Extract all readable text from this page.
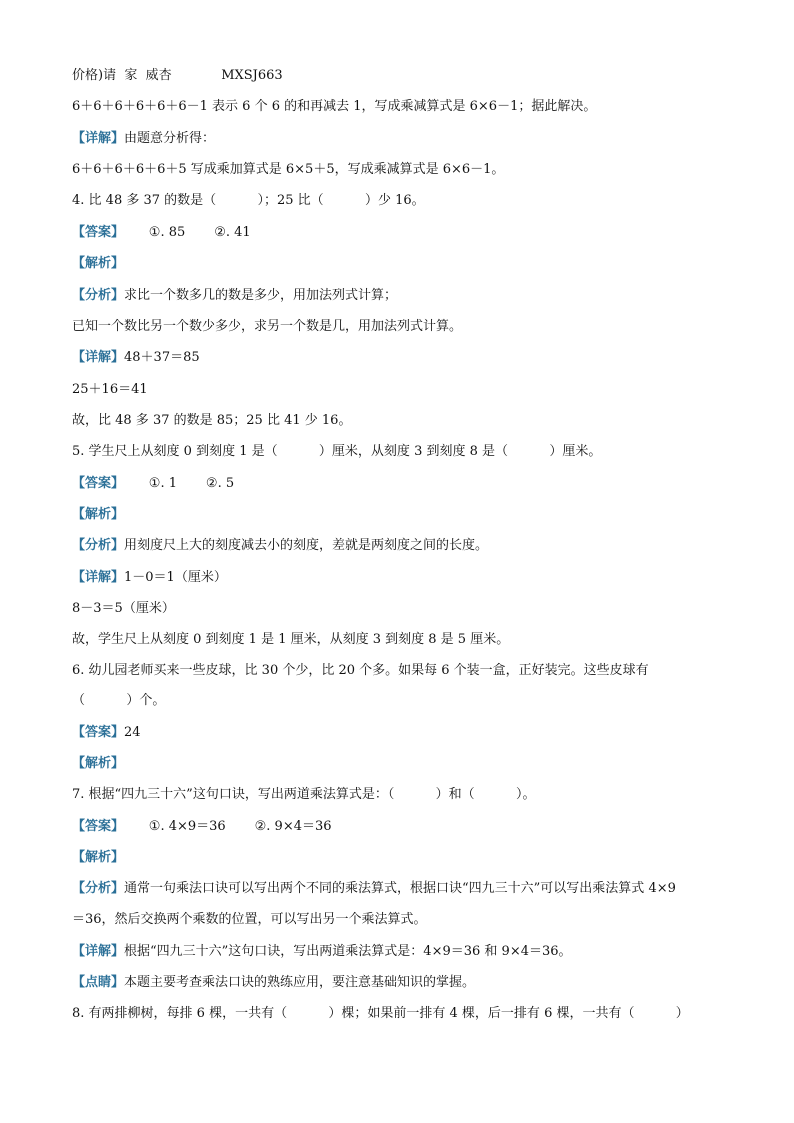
价格)请  家  威杏            MXSJ663
6＋6＋6＋6＋6＋6－1 表示 6 个 6 的和再减去 1，写成乘减算式是 6×6－1；据此解决。
【详解】由题意分析得：
6＋6＋6＋6＋6＋5 写成乘加算式是 6×5＋5，写成乘减算式是 6×6－1。
4. 比 48 多 37 的数是（          ）；25 比（          ）少 16。
【答案】      ①. 85       ②. 41
【解析】
【分析】求比一个数多几的数是多少，用加法列式计算；
已知一个数比另一个数少多少，求另一个数是几，用加法列式计算。
【详解】48＋37＝85
25＋16＝41
故，比 48 多 37 的数是 85；25 比 41 少 16。
5. 学生尺上从刻度 0 到刻度 1 是（          ）厘米，从刻度 3 到刻度 8 是（          ）厘米。
【答案】      ①. 1       ②. 5
【解析】
【分析】用刻度尺上大的刻度减去小的刻度，差就是两刻度之间的长度。
【详解】1－0＝1（厘米）
8－3＝5（厘米）
故，学生尺上从刻度 0 到刻度 1 是 1 厘米，从刻度 3 到刻度 8 是 5 厘米。
6. 幼儿园老师买来一些皮球，比 30 个少，比 20 个多。如果每 6 个装一盒，正好装完。这些皮球有
（          ）个。
【答案】24
【解析】
7. 根据“四九三十六”这句口诀，写出两道乘法算式是：（          ）和（          ）。
【答案】      ①. 4×9＝36       ②. 9×4＝36
【解析】
【分析】通常一句乘法口诀可以写出两个不同的乘法算式，根据口诀“四九三十六”可以写出乘法算式 4×9
＝36，然后交换两个乘数的位置，可以写出另一个乘法算式。
【详解】根据“四九三十六”这句口诀，写出两道乘法算式是：4×9＝36 和 9×4＝36。
【点睛】本题主要考查乘法口诀的熟练应用，要注意基础知识的掌握。
8. 有两排柳树，每排 6 棵，一共有（          ）棵；如果前一排有 4 棵，后一排有 6 棵，一共有（          ）
